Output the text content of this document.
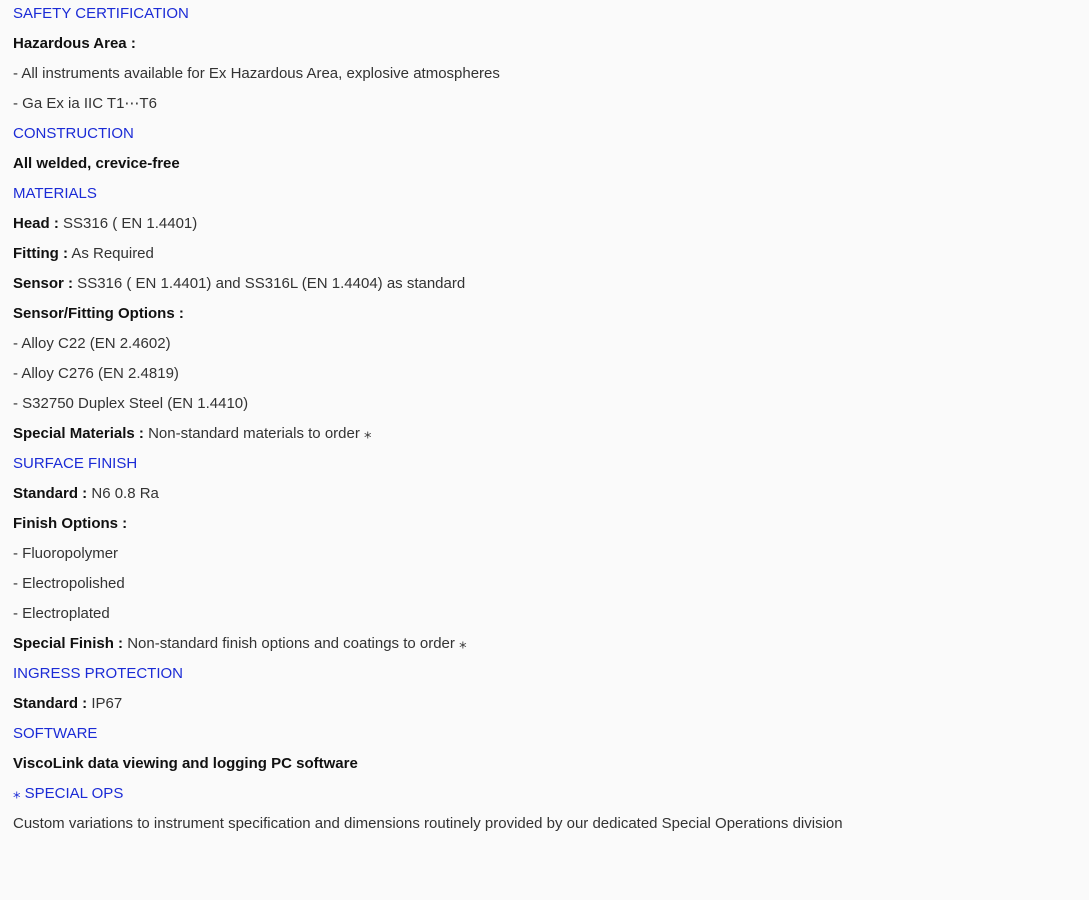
SAFETY CERTIFICATION
Hazardous Area :
- All instruments available for Ex Hazardous Area, explosive atmospheres
- Ga Ex ia IIC T1⋯T6
CONSTRUCTION
All welded, crevice-free
MATERIALS
Head : SS316 ( EN 1.4401)
Fitting : As Required
Sensor : SS316 ( EN 1.4401) and SS316L (EN 1.4404) as standard
Sensor/Fitting Options :
- Alloy C22 (EN 2.4602)
- Alloy C276 (EN 2.4819)
- S32750 Duplex Steel (EN 1.4410)
Special Materials : Non-standard materials to order ⁎
SURFACE FINISH
Standard : N6 0.8 Ra
Finish Options :
- Fluoropolymer
- Electropolished
- Electroplated
Special Finish : Non-standard finish options and coatings to order ⁎
INGRESS PROTECTION
Standard : IP67
SOFTWARE
ViscoLink data viewing and logging PC software
⁎ SPECIAL OPS
Custom variations to instrument specification and dimensions routinely provided by our dedicated Special Operations division
